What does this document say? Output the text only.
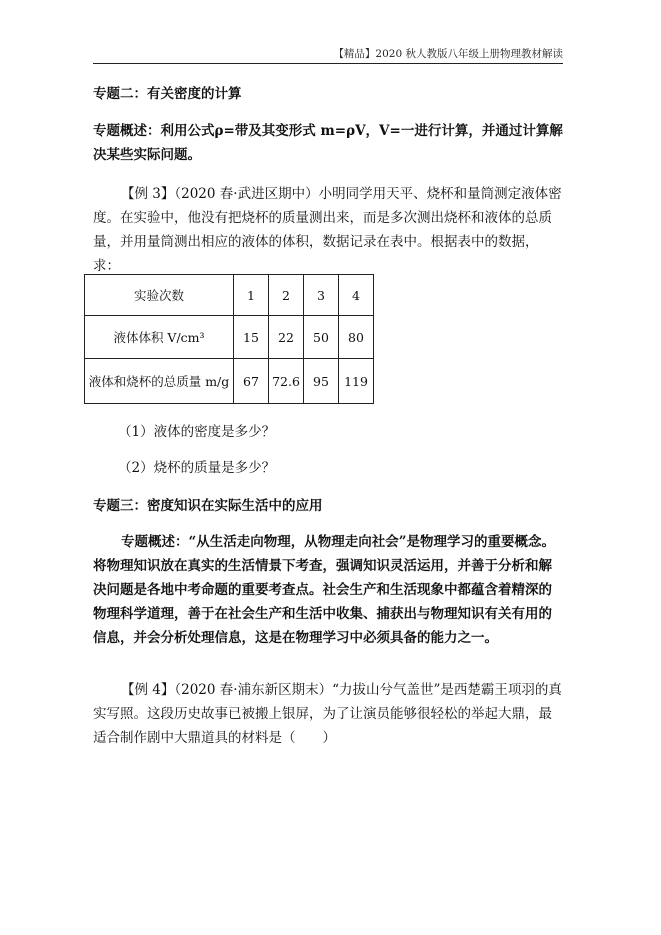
【精品】2020 秋人教版八年级上册物理教材解读
专题二：有关密度的计算
专题概述：利用公式ρ=带及其变形式 m=ρV，V=一进行计算，并通过计算解决某些实际问题。
【例 3】（2020 春·武进区期中）小明同学用天平、烧杯和量筒测定液体密度。在实验中，他没有把烧杯的质量测出来，而是多次测出烧杯和液体的总质量，并用量筒测出相应的液体的体积，数据记录在表中。根据表中的数据，求：
实验次数	1	2	3	4
液体体积 V/cm³	15	22	50	80
液体和烧杯的总质量 m/g	67	72.6	95	119
（1）液体的密度是多少？
（2）烧杯的质量是多少？
专题三：密度知识在实际生活中的应用
专题概述：“从生活走向物理，从物理走向社会”是物理学习的重要概念。将物理知识放在真实的生活情景下考查，强调知识灵活运用，并善于分析和解决问题是各地中考命题的重要考查点。社会生产和生活现象中都蕴含着精深的物理科学道理，善于在社会生产和生活中收集、捕获出与物理知识有关有用的信息，并会分析处理信息，这是在物理学习中必须具备的能力之一。
【例 4】（2020 春·浦东新区期末）“力拔山兮气盖世”是西楚霸王项羽的真实写照。这段历史故事已被搬上银屏，为了让演员能够很轻松的举起大鼎，最适合制作剧中大鼎道具的材料是（　　）
